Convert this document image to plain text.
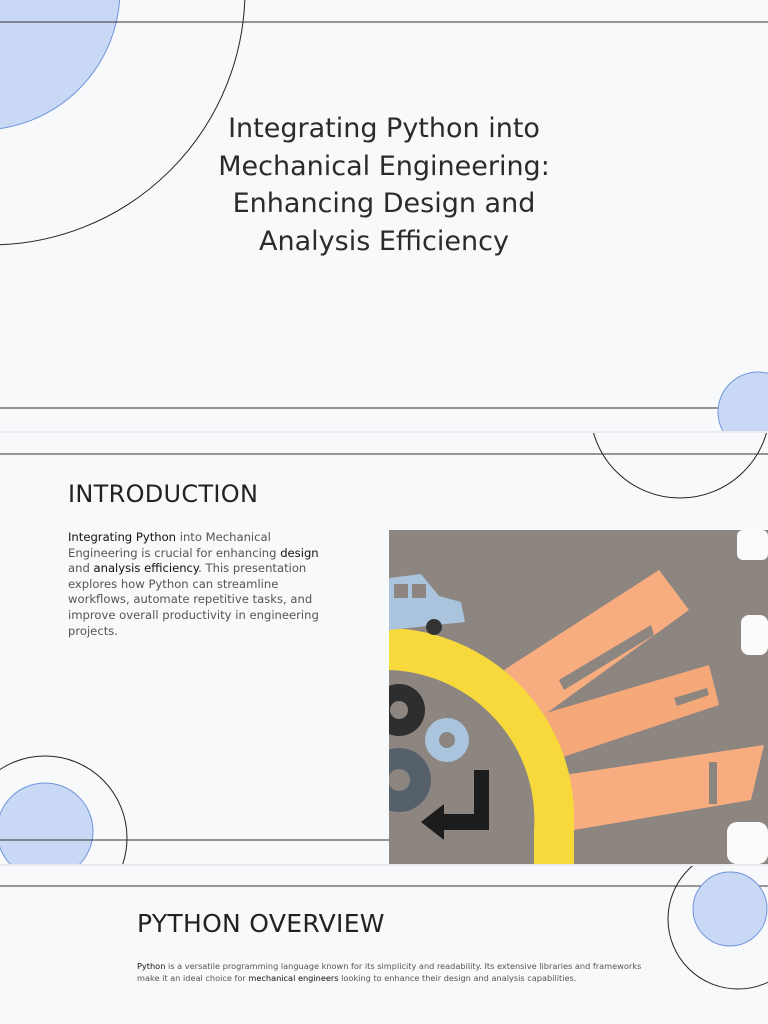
Integrating Python into Mechanical Engineering: Enhancing Design and Analysis Efficiency
INTRODUCTION

Integrating Python into Mechanical Engineering is crucial for enhancing design and analysis efficiency. This presentation explores how Python can streamline workflows, automate repetitive tasks, and improve overall productivity in engineering projects.

PYTHON OVERVIEW

Python is a versatile programming language known for its simplicity and readability. Its extensive libraries and frameworks make it an ideal choice for mechanical engineers looking to enhance their design and analysis capabilities.
